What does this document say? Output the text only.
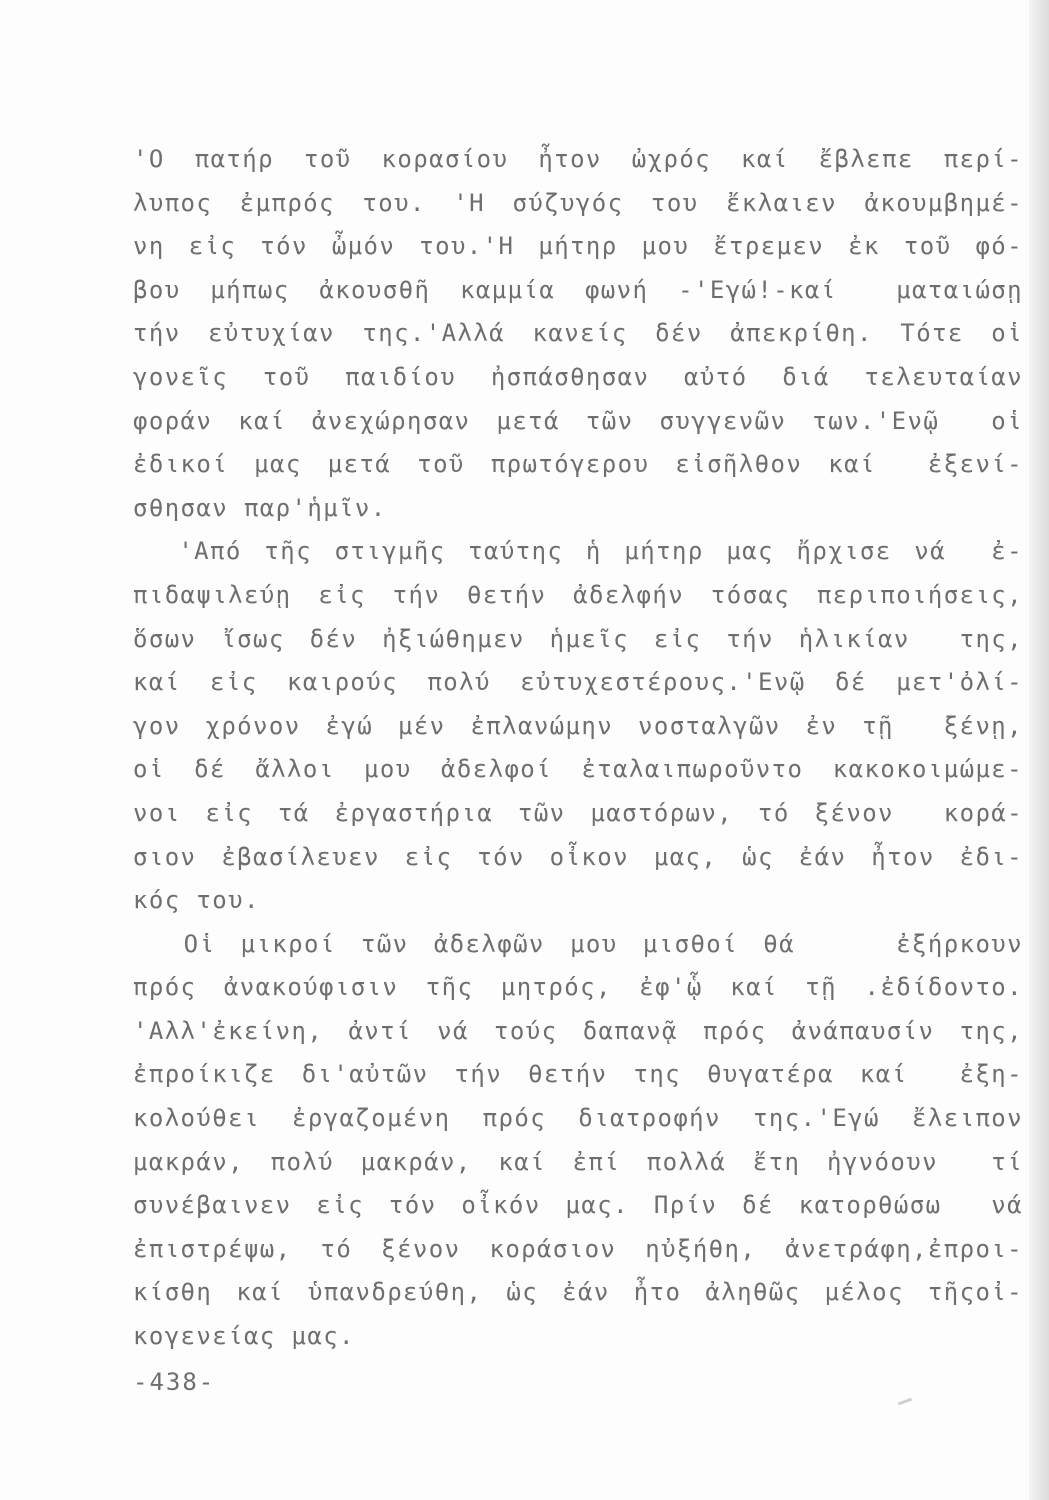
'Ο πατήρ τοῦ κορασίου ἦτον ὠχρός καί ἔβλεπε περί-
λυπος ἐμπρός του. 'Η σύζυγός του ἔκλαιεν ἀκουμβημέ-
νη εἰς τόν ὦμόν του.'Η μήτηρ μου ἔτρεμεν ἐκ τοῦ φό-
βου μήπως ἀκουσθῆ καμμία φωνή -'Εγώ!-καί  ματαιώσῃ
τήν εὐτυχίαν της.'Αλλά κανείς δέν ἀπεκρίθη. Τότε οἱ
γονεῖς τοῦ παιδίου ἠσπάσθησαν αὐτό διά τελευταίαν
φοράν καί ἀνεχώρησαν μετά τῶν συγγενῶν των.'Ενῷ  οἱ
ἐδικοί μας μετά τοῦ πρωτόγερου εἰσῆλθον καί  ἐξενί-
σθησαν παρ'ἡμῖν.
'Από τῆς στιγμῆς ταύτης ἡ μήτηρ μας ἤρχισε νά  ἐ-
πιδαψιλεύῃ εἰς τήν θετήν ἀδελφήν τόσας περιποιήσεις,
ὅσων ἴσως δέν ἠξιώθημεν ἡμεῖς εἰς τήν ἡλικίαν  της,
καί εἰς καιρούς πολύ εὐτυχεστέρους.'Ενῷ δέ μετ'ὀλί-
γον χρόνον ἐγώ μέν ἐπλανώμην νοσταλγῶν ἐν τῇ  ξένῃ,
οἱ δέ ἄλλοι μου ἀδελφοί ἐταλαιπωροῦντο κακοκοιμώμε-
νοι εἰς τά ἐργαστήρια τῶν μαστόρων, τό ξένον  κορά-
σιον ἐβασίλευεν εἰς τόν οἶκον μας, ὡς ἐάν ἦτον ἐδι-
κός του.
Οἱ μικροί τῶν ἀδελφῶν μου μισθοί θά    ἐξήρκουν
πρός ἀνακούφισιν τῆς μητρός, ἐφ'ᾧ καί τῇ .ἐδίδοντο.
'Αλλ'ἐκείνη, ἀντί νά τούς δαπανᾷ πρός ἀνάπαυσίν της,
ἐπροίκιζε δι'αὐτῶν τήν θετήν της θυγατέρα καί  ἐξη-
κολούθει ἐργαζομένη πρός διατροφήν της.'Εγώ ἔλειπον
μακράν, πολύ μακράν, καί ἐπί πολλά ἔτη ἠγνόουν  τί
συνέβαινεν εἰς τόν οἶκόν μας. Πρίν δέ κατορθώσω  νά
ἐπιστρέψω, τό ξένον κοράσιον ηὐξήθη, ἀνετράφη,ἐπροι-
κίσθη καί ὑπανδρεύθη, ὡς ἐάν ἦτο ἀληθῶς μέλος τῆςοἰ-
κογενείας μας.
-438-
